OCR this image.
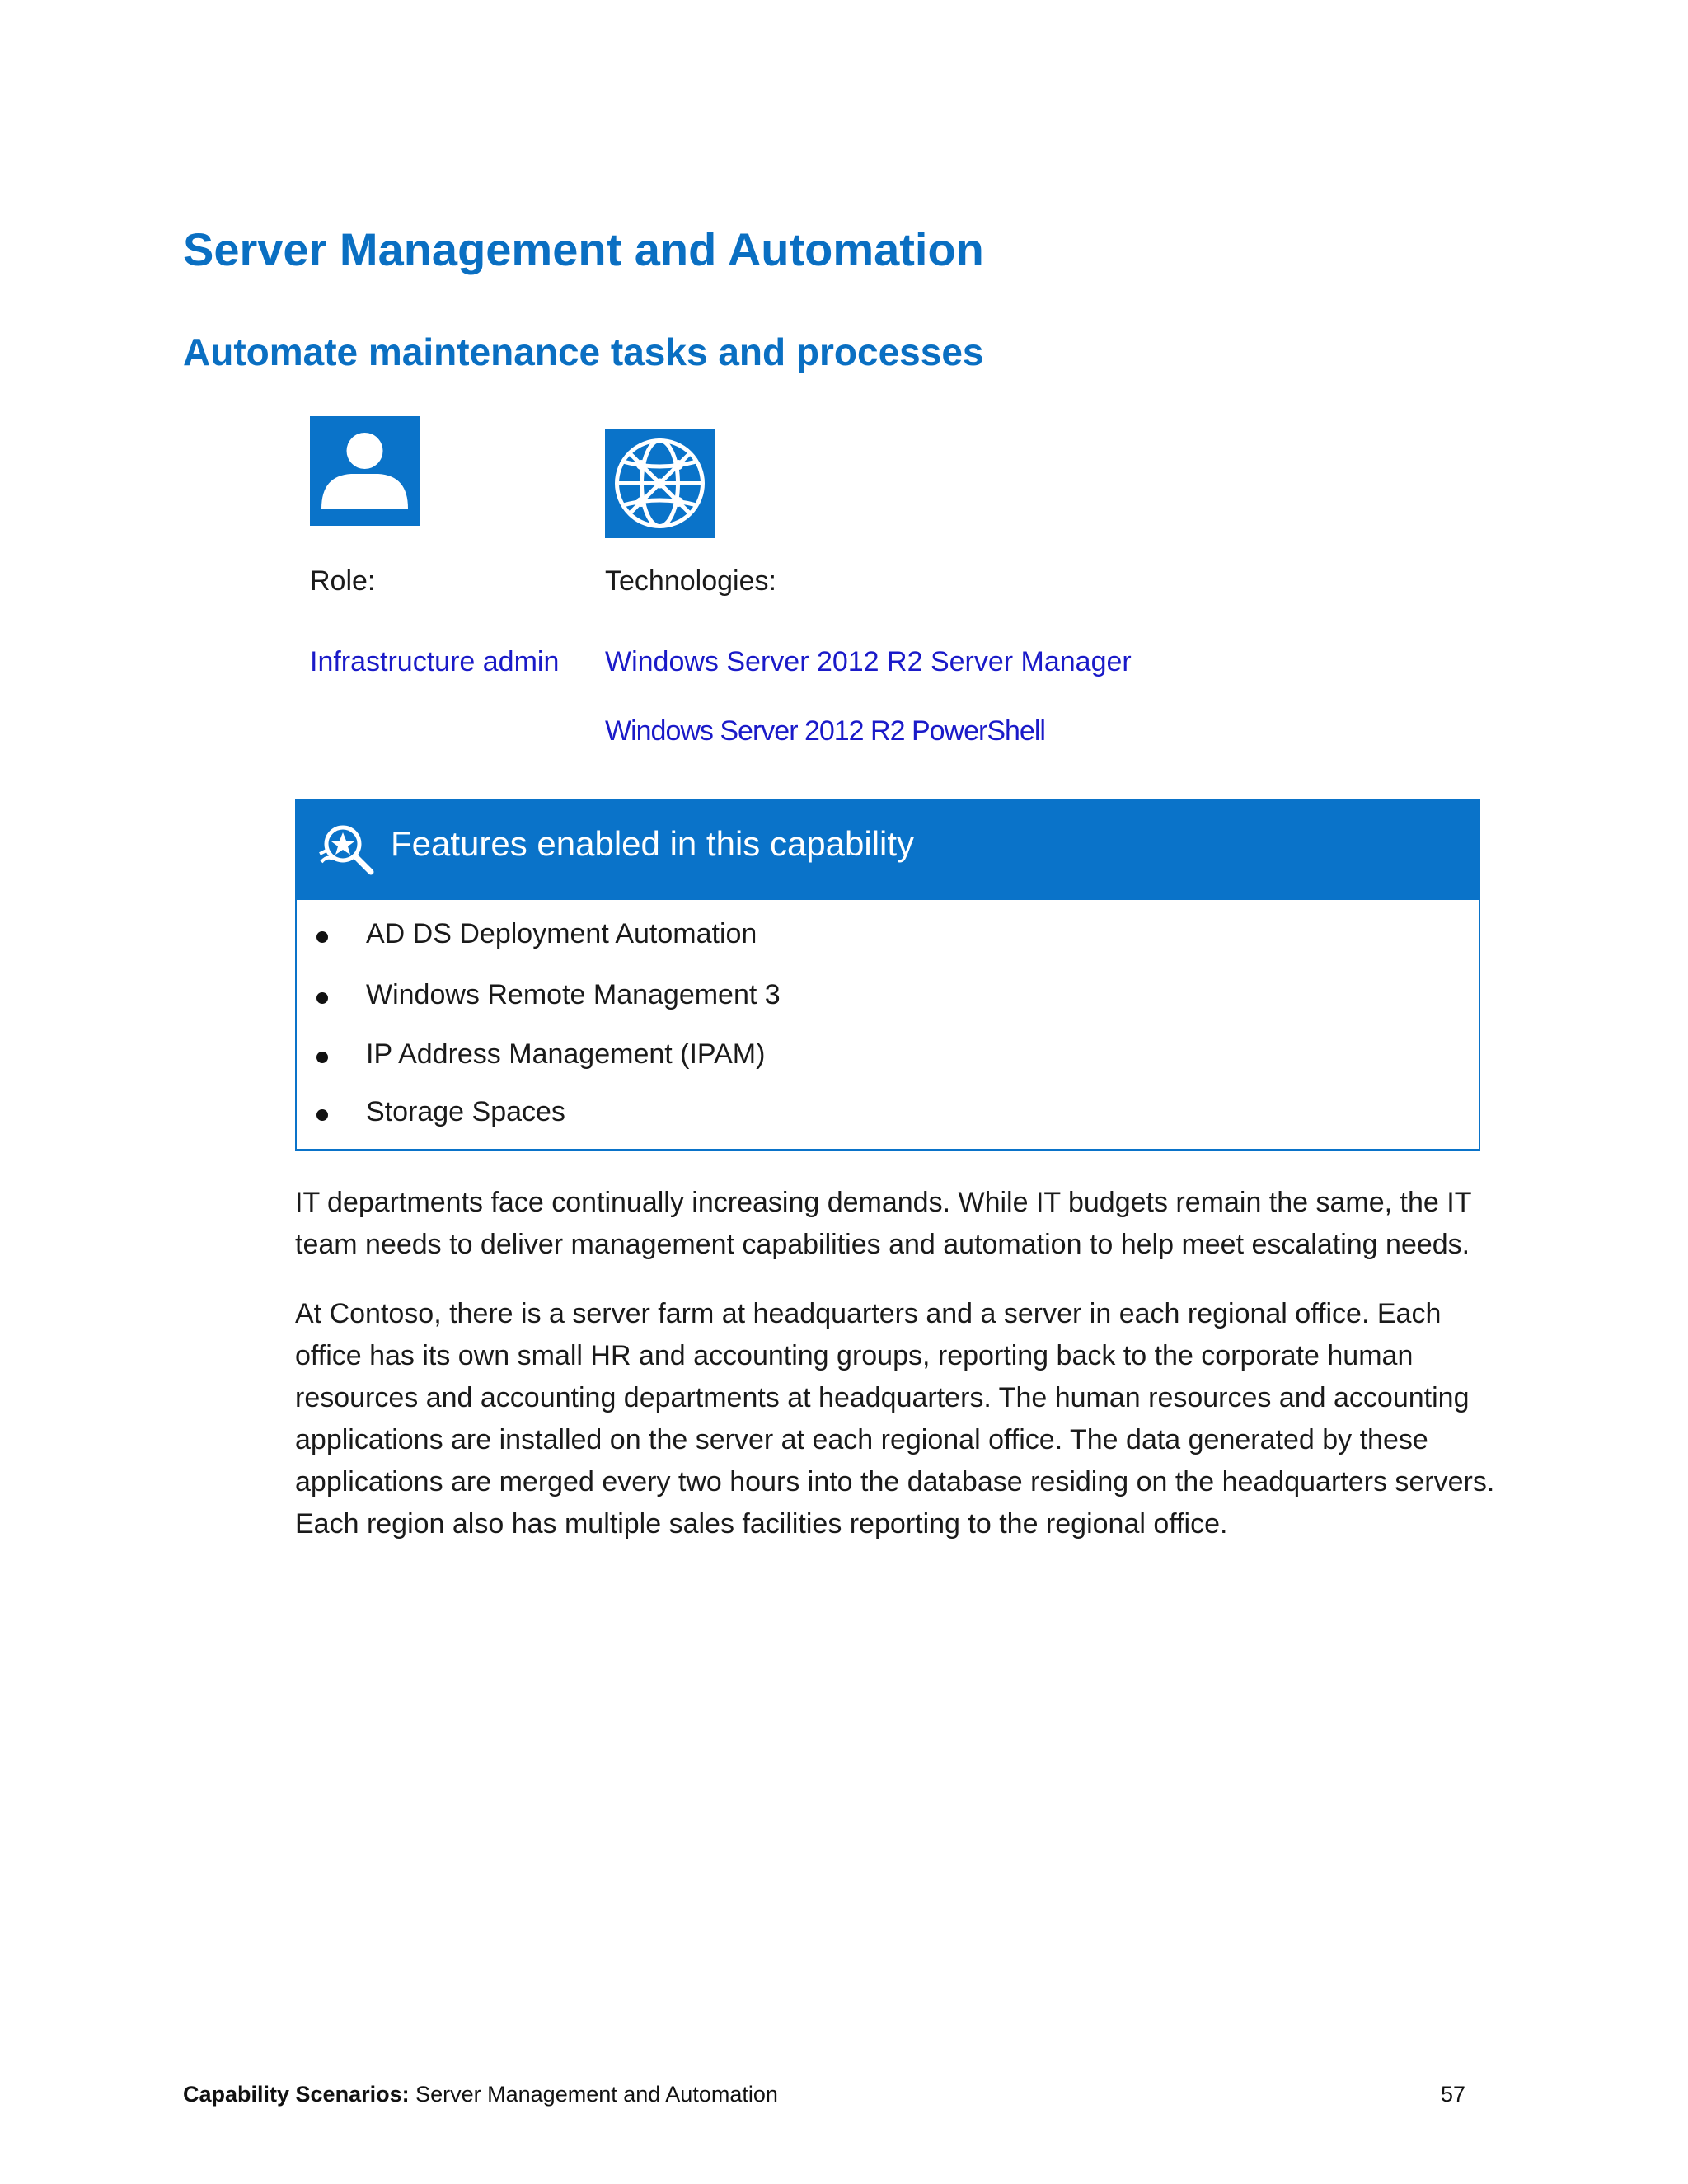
Server Management and Automation
Automate maintenance tasks and processes
Role:	Technologies:
Infrastructure admin Windows Server 2012 R2 Server Manager
Windows Server 2012 R2 PowerShell
Features enabled in this capability
AD DS Deployment Automation
Windows Remote Management 3
IP Address Management (IPAM)
Storage Spaces

IT departments face continually increasing demands. While IT budgets remain the same, the IT team needs to deliver management capabilities and automation to help meet escalating needs.

At Contoso, there is a server farm at headquarters and a server in each regional office. Each office has its own small HR and accounting groups, reporting back to the corporate human resources and accounting departments at headquarters. The human resources and accounting applications are installed on the server at each regional office. The data generated by these applications are merged every two hours into the database residing on the headquarters servers. Each region also has multiple sales facilities reporting to the regional office.

Capability Scenarios: Server Management and Automation	57
